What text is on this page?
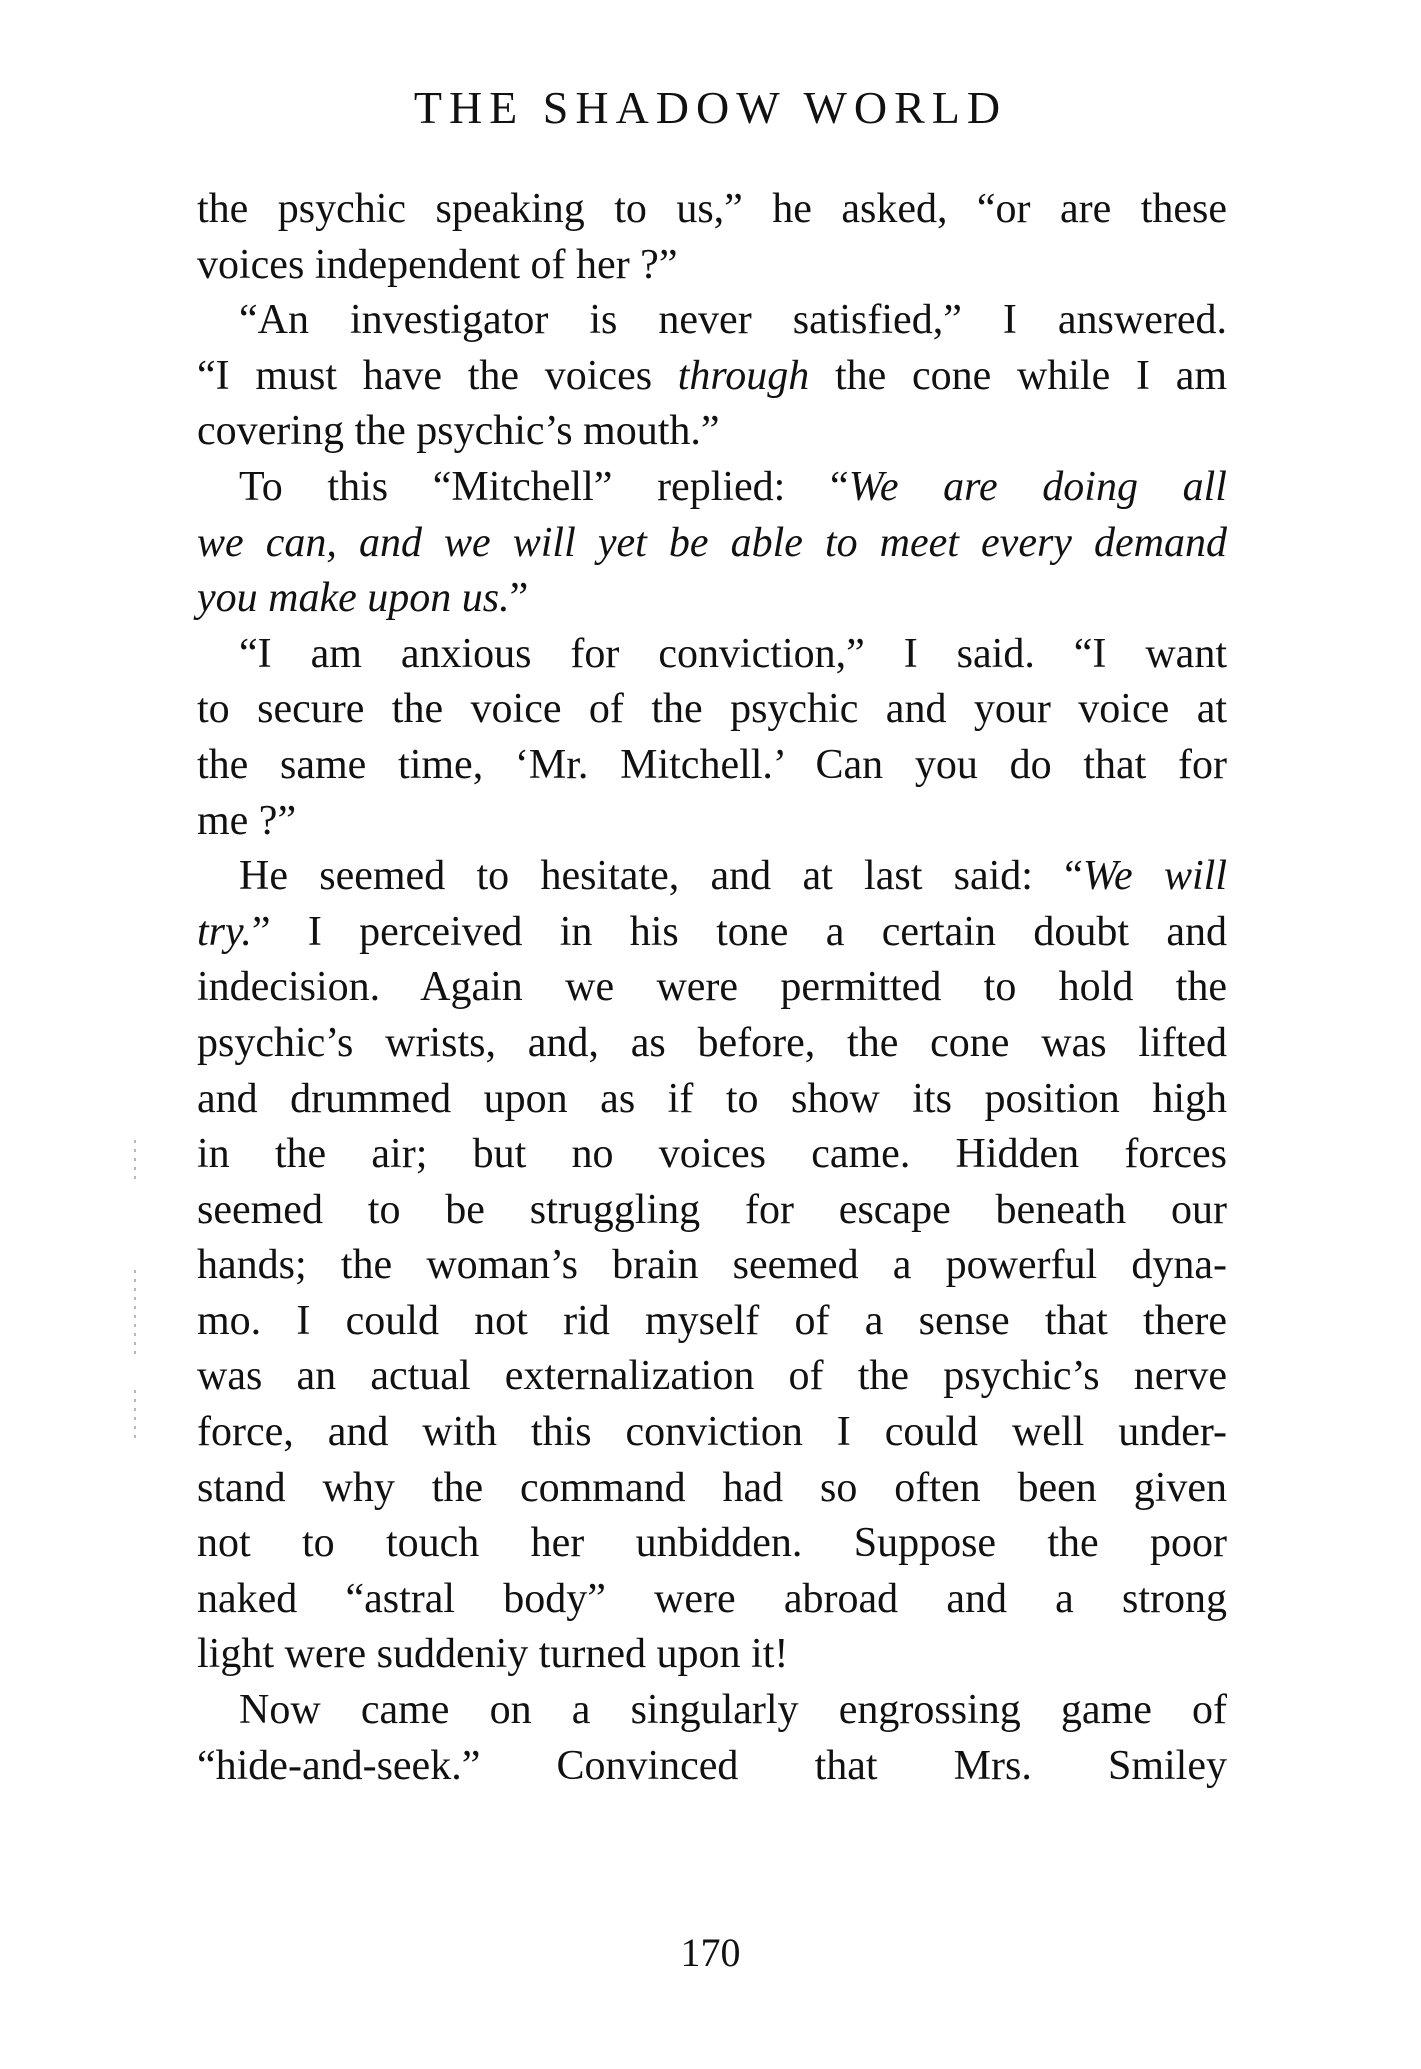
THE SHADOW WORLD
the psychic speaking to us,” he asked, “or are these
voices independent of her ?”
“An investigator is never satisfied,” I answered.
“I must have the voices through the cone while I am
covering the psychic’s mouth.”
To this “Mitchell” replied: “We are doing all
we can, and we will yet be able to meet every demand
you make upon us.”
“I am anxious for conviction,” I said. “I want
to secure the voice of the psychic and your voice at
the same time, ‘Mr. Mitchell.’ Can you do that for
me ?”
He seemed to hesitate, and at last said: “We will
try.” I perceived in his tone a certain doubt and
indecision. Again we were permitted to hold the
psychic’s wrists, and, as before, the cone was lifted
and drummed upon as if to show its position high
in the air; but no voices came. Hidden forces
seemed to be struggling for escape beneath our
hands; the woman’s brain seemed a powerful dyna-
mo. I could not rid myself of a sense that there
was an actual externalization of the psychic’s nerve
force, and with this conviction I could well under-
stand why the command had so often been given
not to touch her unbidden. Suppose the poor
naked “astral body” were abroad and a strong
light were suddeniy turned upon it!
Now came on a singularly engrossing game of
“hide-and-seek.” Convinced that Mrs. Smiley
170
